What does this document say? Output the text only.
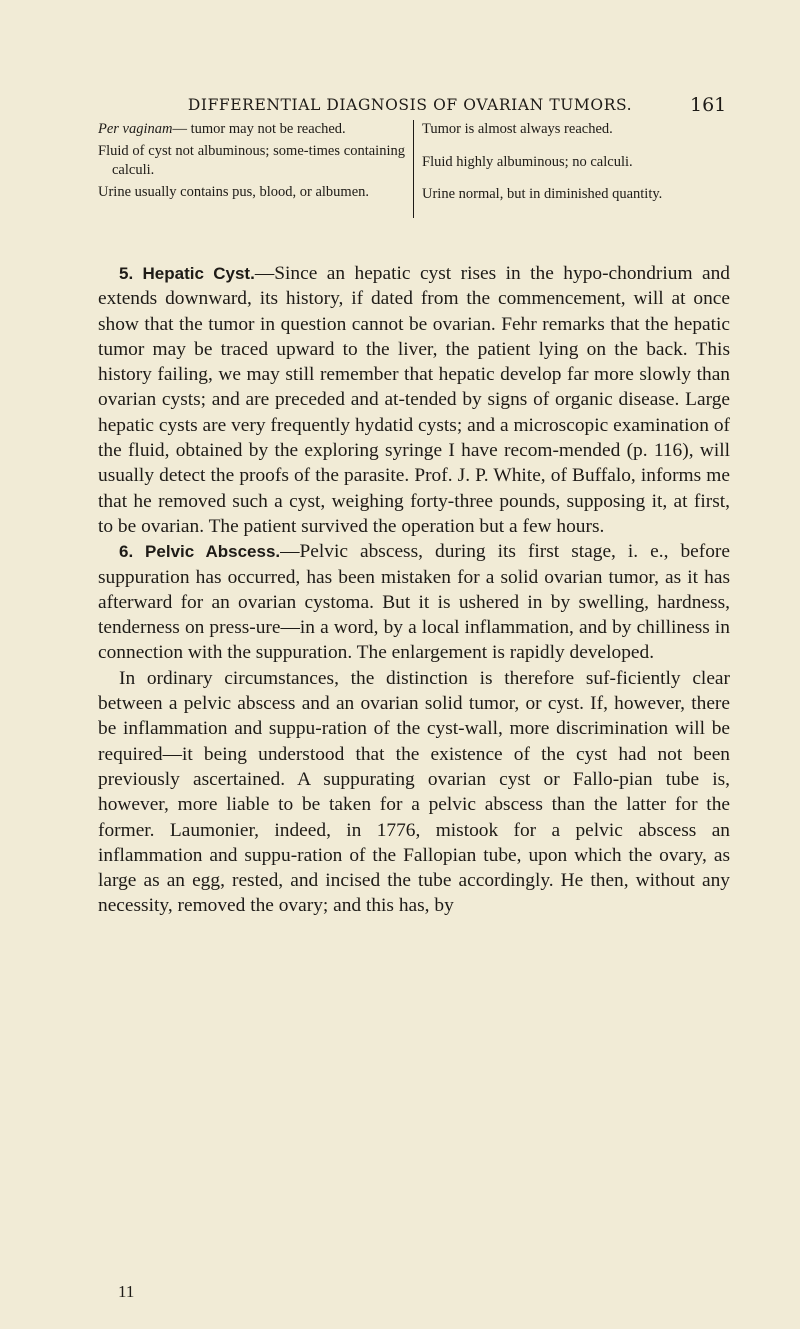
DIFFERENTIAL DIAGNOSIS OF OVARIAN TUMORS.	161
Per vaginam— tumor may not be reached.
Fluid of cyst not albuminous; some-times containing calculi.
Urine usually contains pus, blood, or albumen.
Tumor is almost always reached.
Fluid highly albuminous; no calculi.
Urine normal, but in diminished quantity.

5. Hepatic Cyst.—Since an hepatic cyst rises in the hypo-chondrium and extends downward, its history, if dated from the commencement, will at once show that the tumor in question cannot be ovarian. Fehr remarks that the hepatic tumor may be traced upward to the liver, the patient lying on the back. This history failing, we may still remember that hepatic develop far more slowly than ovarian cysts; and are preceded and at-tended by signs of organic disease. Large hepatic cysts are very frequently hydatid cysts; and a microscopic examination of the fluid, obtained by the exploring syringe I have recom-mended (p. 116), will usually detect the proofs of the parasite. Prof. J. P. White, of Buffalo, informs me that he removed such a cyst, weighing forty-three pounds, supposing it, at first, to be ovarian. The patient survived the operation but a few hours.

6. Pelvic Abscess.—Pelvic abscess, during its first stage, i. e., before suppuration has occurred, has been mistaken for a solid ovarian tumor, as it has afterward for an ovarian cystoma. But it is ushered in by swelling, hardness, tenderness on press-ure—in a word, by a local inflammation, and by chilliness in connection with the suppuration. The enlargement is rapidly developed.

In ordinary circumstances, the distinction is therefore suf-ficiently clear between a pelvic abscess and an ovarian solid tumor, or cyst. If, however, there be inflammation and suppu-ration of the cyst-wall, more discrimination will be required—it being understood that the existence of the cyst had not been previously ascertained. A suppurating ovarian cyst or Fallo-pian tube is, however, more liable to be taken for a pelvic abscess than the latter for the former. Laumonier, indeed, in 1776, mistook for a pelvic abscess an inflammation and suppu-ration of the Fallopian tube, upon which the ovary, as large as an egg, rested, and incised the tube accordingly. He then, without any necessity, removed the ovary; and this has, by

11
